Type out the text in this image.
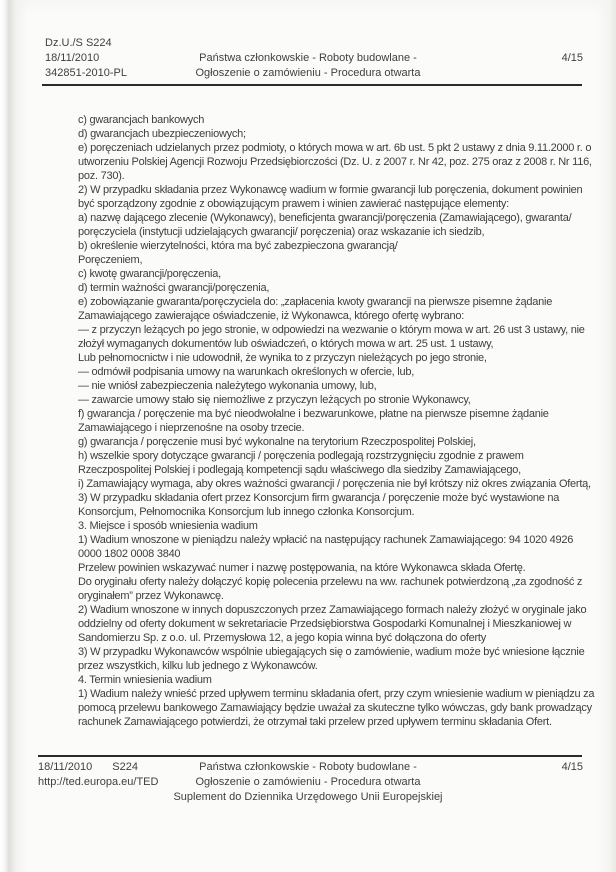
Dz.U./S S224
18/11/2010
342851-2010-PL
Państwa członkowskie - Roboty budowlane -
Ogłoszenie o zamówieniu - Procedura otwarta
4/15
c) gwarancjach bankowych
d) gwarancjach ubezpieczeniowych;
e) poręczeniach udzielanych przez podmioty, o których mowa w art. 6b ust. 5 pkt 2 ustawy z dnia 9.11.2000 r. o
utworzeniu Polskiej Agencji Rozwoju Przedsiębiorczości (Dz. U. z 2007 r. Nr 42, poz. 275 oraz z 2008 r. Nr 116,
poz. 730).
2) W przypadku składania przez Wykonawcę wadium w formie gwarancji lub poręczenia, dokument powinien
być sporządzony zgodnie z obowiązującym prawem i winien zawierać następujące elementy:
a) nazwę dającego zlecenie (Wykonawcy), beneficjenta gwarancji/poręczenia (Zamawiającego), gwaranta/
poręczyciela (instytucji udzielających gwarancji/ poręczenia) oraz wskazanie ich siedzib,
b) określenie wierzytelności, która ma być zabezpieczona gwarancją/
Poręczeniem,
c) kwotę gwarancji/poręczenia,
d) termin ważności gwarancji/poręczenia,
e) zobowiązanie gwaranta/poręczyciela do: „zapłacenia kwoty gwarancji na pierwsze pisemne żądanie
Zamawiającego zawierające oświadczenie, iż Wykonawca, którego ofertę wybrano:
— z przyczyn leżących po jego stronie, w odpowiedzi na wezwanie o którym mowa w art. 26 ust 3 ustawy, nie
złożył wymaganych dokumentów lub oświadczeń, o których mowa w art. 25 ust. 1 ustawy,
Lub pełnomocnictw i nie udowodnił, że wynika to z przyczyn nieleżących po jego stronie,
— odmówił podpisania umowy na warunkach określonych w ofercie, lub,
— nie wniósł zabezpieczenia należytego wykonania umowy, lub,
— zawarcie umowy stało się niemożliwe z przyczyn leżących po stronie Wykonawcy,
f) gwarancja / poręczenie ma być nieodwołalne i bezwarunkowe, płatne na pierwsze pisemne żądanie
Zamawiającego i nieprzenośne na osoby trzecie.
g) gwarancja / poręczenie musi być wykonalne na terytorium Rzeczpospolitej Polskiej,
h) wszelkie spory dotyczące gwarancji / poręczenia podlegają rozstrzygnięciu zgodnie z prawem
Rzeczpospolitej Polskiej i podlegają kompetencji sądu właściwego dla siedziby Zamawiającego,
i) Zamawiający wymaga, aby okres ważności gwarancji / poręczenia nie był krótszy niż okres związania Ofertą,
3) W przypadku składania ofert przez Konsorcjum firm gwarancja / poręczenie może być wystawione na
Konsorcjum, Pełnomocnika Konsorcjum lub innego członka Konsorcjum.
3. Miejsce i sposób wniesienia wadium
1) Wadium wnoszone w pieniądzu należy wpłacić na następujący rachunek Zamawiającego: 94 1020 4926
0000 1802 0008 3840
Przelew powinien wskazywać numer i nazwę postępowania, na które Wykonawca składa Ofertę.
Do oryginału oferty należy dołączyć kopię polecenia przelewu na ww. rachunek potwierdzoną „za zgodność z
oryginałem” przez Wykonawcę.
2) Wadium wnoszone w innych dopuszczonych przez Zamawiającego formach należy złożyć w oryginale jako
oddzielny od oferty dokument w sekretariacie Przedsiębiorstwa Gospodarki Komunalnej i Mieszkaniowej w
Sandomierzu Sp. z o.o. ul. Przemysłowa 12, a jego kopia winna być dołączona do oferty
3) W przypadku Wykonawców wspólnie ubiegających się o zamówienie, wadium może być wniesione łącznie
przez wszystkich, kilku lub jednego z Wykonawców.
4. Termin wniesienia wadium
1) Wadium należy wnieść przed upływem terminu składania ofert, przy czym wniesienie wadium w pieniądzu za
pomocą przelewu bankowego Zamawiający będzie uważał za skuteczne tylko wówczas, gdy bank prowadzący
rachunek Zamawiającego potwierdzi, że otrzymał taki przelew przed upływem terminu składania Ofert.
18/11/2010 S224
http://ted.europa.eu/TED
Państwa członkowskie - Roboty budowlane -
Ogłoszenie o zamówieniu - Procedura otwarta
Suplement do Dziennika Urzędowego Unii Europejskiej
4/15
